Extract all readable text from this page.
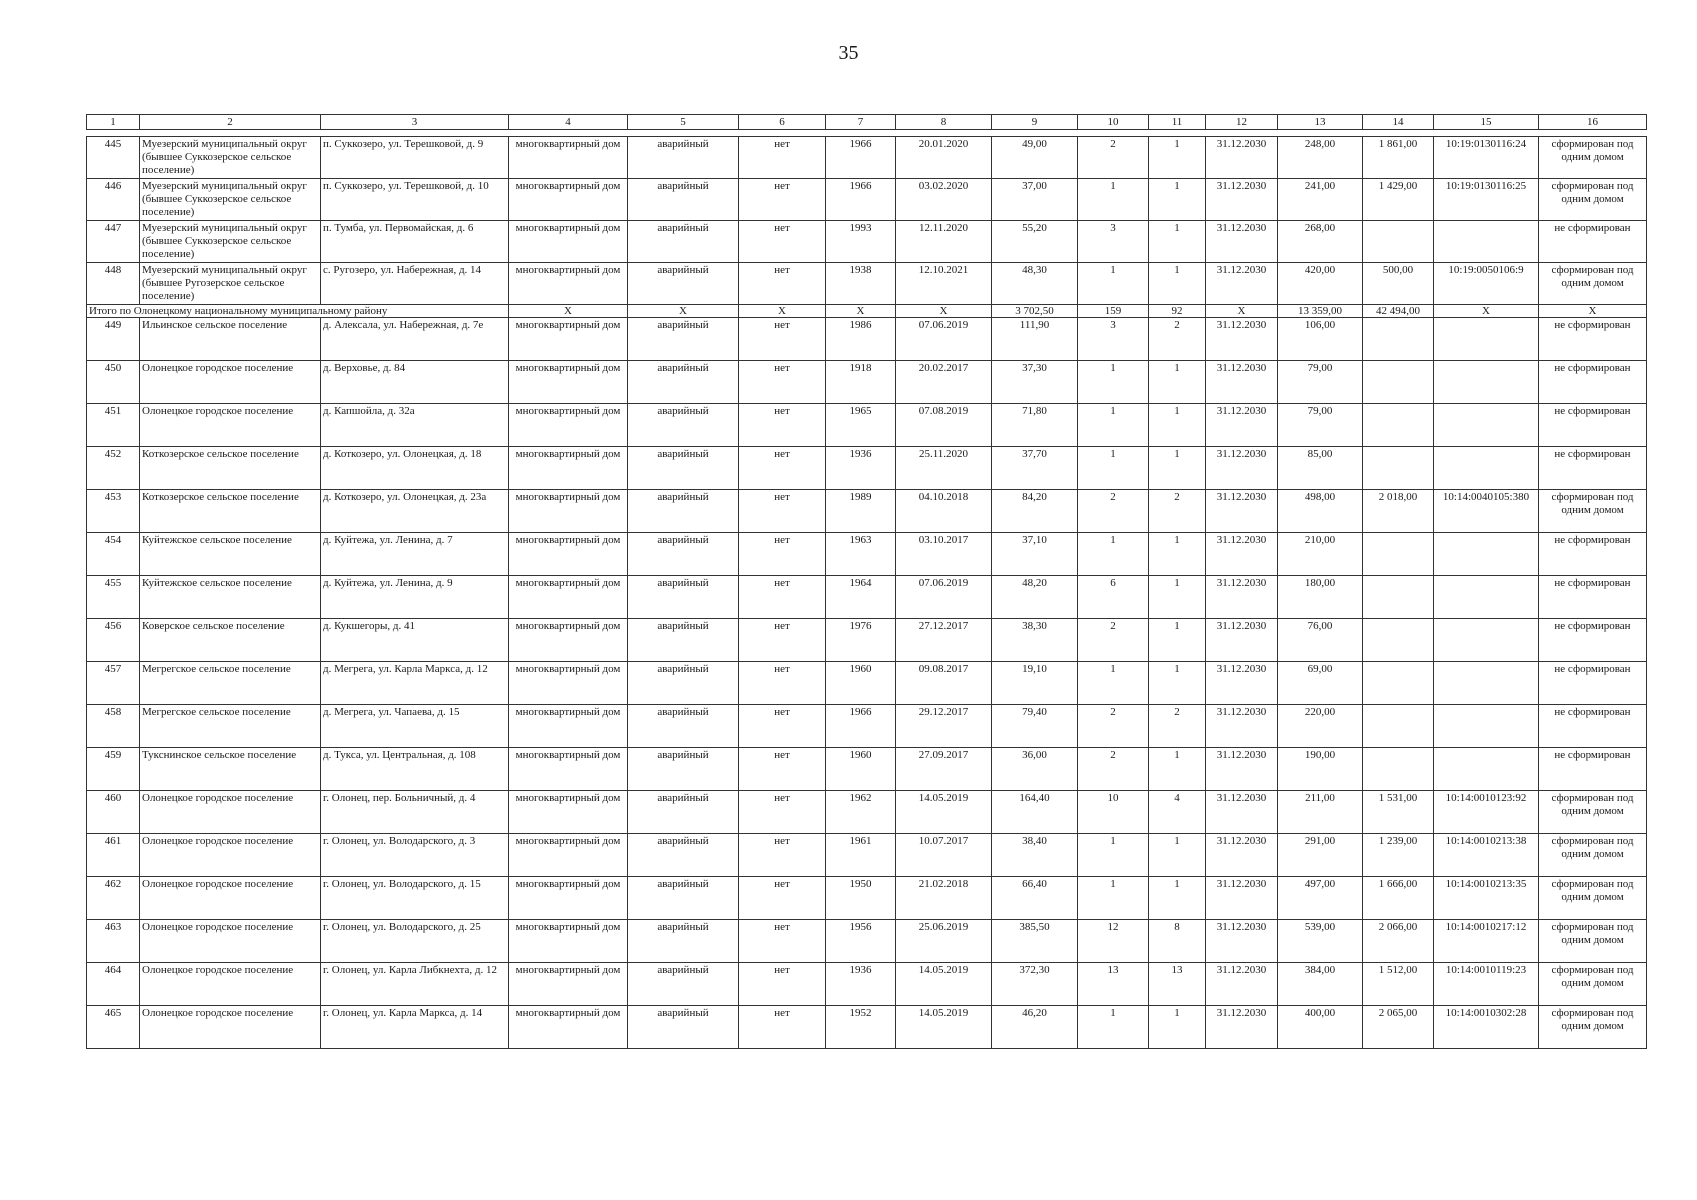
35
1	2	3	4	5	6	7	8	9	10	11	12	13	14	15	16

445	Муезерский муниципальный округ (бывшее Суккозерское сельское поселение)	п. Суккозеро, ул. Терешковой, д. 9	многоквартирный дом	аварийный	нет	1966	20.01.2020	49,00	2	1	31.12.2030	248,00	1 861,00	10:19:0130116:24	сформирован под одним домом
446	Муезерский муниципальный округ (бывшее Суккозерское сельское поселение)	п. Суккозеро, ул. Терешковой, д. 10	многоквартирный дом	аварийный	нет	1966	03.02.2020	37,00	1	1	31.12.2030	241,00	1 429,00	10:19:0130116:25	сформирован под одним домом
447	Муезерский муниципальный округ (бывшее Суккозерское сельское поселение)	п. Тумба, ул. Первомайская, д. 6	многоквартирный дом	аварийный	нет	1993	12.11.2020	55,20	3	1	31.12.2030	268,00			не сформирован
448	Муезерский муниципальный округ (бывшее Ругозерское сельское поселение)	с. Ругозеро, ул. Набережная, д. 14	многоквартирный дом	аварийный	нет	1938	12.10.2021	48,30	1	1	31.12.2030	420,00	500,00	10:19:0050106:9	сформирован под одним домом
Итого по Олонецкому национальному муниципальному району			X	X	X	X	X	3 702,50	159	92	X	13 359,00	42 494,00	X	X
449	Ильинское сельское поселение	д. Алексала, ул. Набережная, д. 7е	многоквартирный дом	аварийный	нет	1986	07.06.2019	111,90	3	2	31.12.2030	106,00			не сформирован
450	Олонецкое городское поселение	д. Верховье, д. 84	многоквартирный дом	аварийный	нет	1918	20.02.2017	37,30	1	1	31.12.2030	79,00			не сформирован
451	Олонецкое городское поселение	д. Капшойла, д. 32а	многоквартирный дом	аварийный	нет	1965	07.08.2019	71,80	1	1	31.12.2030	79,00			не сформирован
452	Коткозерское сельское поселение	д. Коткозеро, ул. Олонецкая, д. 18	многоквартирный дом	аварийный	нет	1936	25.11.2020	37,70	1	1	31.12.2030	85,00			не сформирован
453	Коткозерское сельское поселение	д. Коткозеро, ул. Олонецкая, д. 23а	многоквартирный дом	аварийный	нет	1989	04.10.2018	84,20	2	2	31.12.2030	498,00	2 018,00	10:14:0040105:380	сформирован под одним домом
454	Куйтежское сельское поселение	д. Куйтежа, ул. Ленина, д. 7	многоквартирный дом	аварийный	нет	1963	03.10.2017	37,10	1	1	31.12.2030	210,00			не сформирован
455	Куйтежское сельское поселение	д. Куйтежа, ул. Ленина, д. 9	многоквартирный дом	аварийный	нет	1964	07.06.2019	48,20	6	1	31.12.2030	180,00			не сформирован
456	Коверское сельское поселение	д. Кукшегоры, д. 41	многоквартирный дом	аварийный	нет	1976	27.12.2017	38,30	2	1	31.12.2030	76,00			не сформирован
457	Мегрегское сельское поселение	д. Мегрега, ул. Карла Маркса, д. 12	многоквартирный дом	аварийный	нет	1960	09.08.2017	19,10	1	1	31.12.2030	69,00			не сформирован
458	Мегрегское сельское поселение	д. Мегрега, ул. Чапаева, д. 15	многоквартирный дом	аварийный	нет	1966	29.12.2017	79,40	2	2	31.12.2030	220,00			не сформирован
459	Тукснинское сельское поселение	д. Тукса, ул. Центральная, д. 108	многоквартирный дом	аварийный	нет	1960	27.09.2017	36,00	2	1	31.12.2030	190,00			не сформирован
460	Олонецкое городское поселение	г. Олонец, пер. Больничный, д. 4	многоквартирный дом	аварийный	нет	1962	14.05.2019	164,40	10	4	31.12.2030	211,00	1 531,00	10:14:0010123:92	сформирован под одним домом
461	Олонецкое городское поселение	г. Олонец, ул. Володарского, д. 3	многоквартирный дом	аварийный	нет	1961	10.07.2017	38,40	1	1	31.12.2030	291,00	1 239,00	10:14:0010213:38	сформирован под одним домом
462	Олонецкое городское поселение	г. Олонец, ул. Володарского, д. 15	многоквартирный дом	аварийный	нет	1950	21.02.2018	66,40	1	1	31.12.2030	497,00	1 666,00	10:14:0010213:35	сформирован под одним домом
463	Олонецкое городское поселение	г. Олонец, ул. Володарского, д. 25	многоквартирный дом	аварийный	нет	1956	25.06.2019	385,50	12	8	31.12.2030	539,00	2 066,00	10:14:0010217:12	сформирован под одним домом
464	Олонецкое городское поселение	г. Олонец, ул. Карла Либкнехта, д. 12	многоквартирный дом	аварийный	нет	1936	14.05.2019	372,30	13	13	31.12.2030	384,00	1 512,00	10:14:0010119:23	сформирован под одним домом
465	Олонецкое городское поселение	г. Олонец, ул. Карла Маркса, д. 14	многоквартирный дом	аварийный	нет	1952	14.05.2019	46,20	1	1	31.12.2030	400,00	2 065,00	10:14:0010302:28	сформирован под одним домом
